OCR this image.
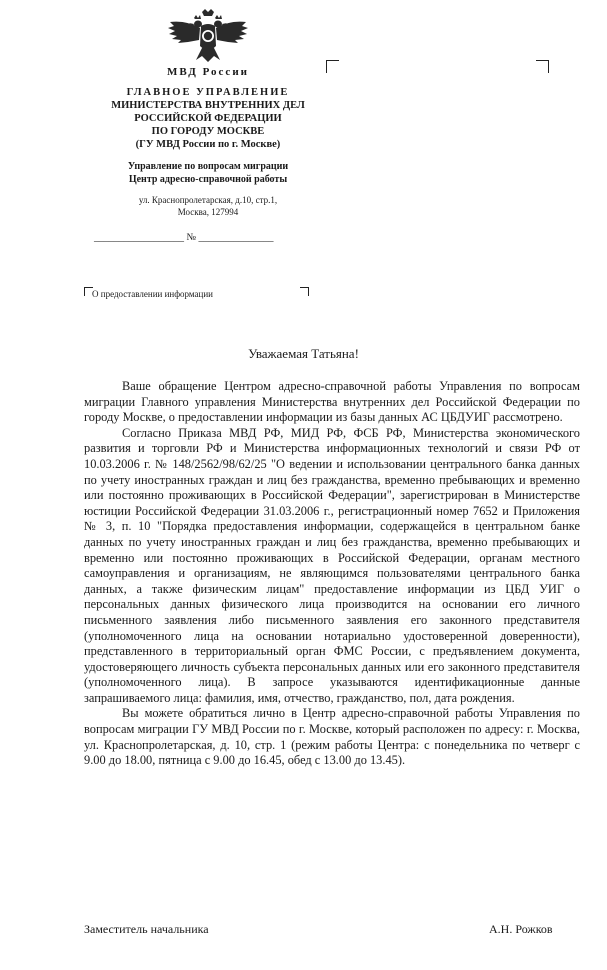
МВД России
ГЛАВНОЕ УПРАВЛЕНИЕ
МИНИСТЕРСТВА ВНУТРЕННИХ ДЕЛ
РОССИЙСКОЙ ФЕДЕРАЦИИ
ПО ГОРОДУ МОСКВЕ
(ГУ МВД России по г. Москве)
Управление по вопросам миграции
Центр адресно-справочной работы
ул. Краснопролетарская, д.10, стр.1,
Москва, 127994
__________________ № _______________
О предоставлении информации
Уважаемая Татьяна!

Ваше обращение Центром адресно-справочной работы Управления по вопросам миграции Главного управления Министерства внутренних дел Российской Федерации по городу Москве, о предоставлении информации из базы данных АС ЦБДУИГ рассмотрено.

Согласно Приказа МВД РФ, МИД РФ, ФСБ РФ, Министерства экономического развития и торговли РФ и Министерства информационных технологий и связи РФ от 10.03.2006 г. № 148/2562/98/62/25 "О ведении и использовании центрального банка данных по учету иностранных граждан и лиц без гражданства, временно пребывающих и временно или постоянно проживающих в Российской Федерации", зарегистрирован в Министерстве юстиции Российской Федерации 31.03.2006 г., регистрационный номер 7652 и Приложения № 3, п. 10 "Порядка предоставления информации, содержащейся в центральном банке данных по учету иностранных граждан и лиц без гражданства, временно пребывающих и временно или постоянно проживающих в Российской Федерации, органам местного самоуправления и организациям, не являющимся пользователями центрального банка данных, а также физическим лицам" предоставление информации из ЦБД УИГ о персональных данных физического лица производится на основании его личного письменного заявления либо письменного заявления его законного представителя (уполномоченного лица на основании нотариально удостоверенной доверенности), представленного в территориальный орган ФМС России, с предъявлением документа, удостоверяющего личность субъекта персональных данных или его законного представителя (уполномоченного лица). В запросе указываются идентификационные данные запрашиваемого лица: фамилия, имя, отчество, гражданство, пол, дата рождения.

Вы можете обратиться лично в Центр адресно-справочной работы Управления по вопросам миграции ГУ МВД России по г. Москве, который расположен по адресу: г. Москва, ул. Краснопролетарская, д. 10, стр. 1 (режим работы Центра: с понедельника по четверг с 9.00 до 18.00, пятница с 9.00 до 16.45, обед с 13.00 до 13.45).

Заместитель начальника	А.Н. Рожков
